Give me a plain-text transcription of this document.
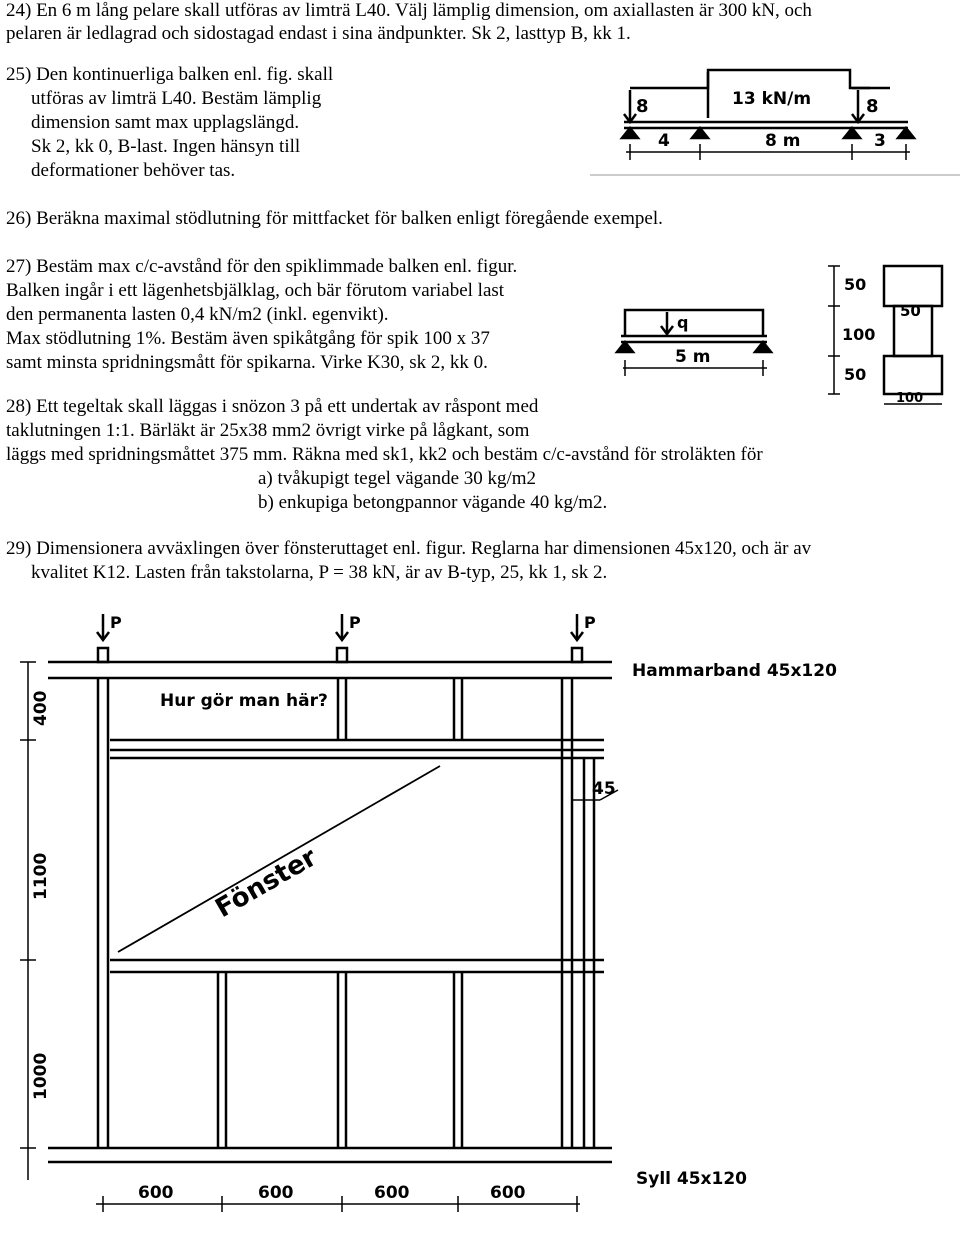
24) En 6 m lång pelare skall utföras av limträ L40. Välj lämplig dimension, om axiallasten är 300 kN, och
pelaren är ledlagrad och sidostagad endast i sina ändpunkter. Sk 2, lasttyp B, kk 1.
25) Den kontinuerliga balken enl. fig. skall
utföras av limträ L40. Bestäm lämplig
dimension samt max upplagslängd.
Sk 2, kk 0, B-last. Ingen hänsyn till
deformationer behöver tas.
8	13 kN/m	8
4	8 m	3
26) Beräkna maximal stödlutning för mittfacket för balken enligt föregående exempel.
27) Bestäm max c/c-avstånd för den spiklimmade balken enl. figur.
Balken ingår i ett lägenhetsbjälklag, och bär förutom variabel last
den permanenta lasten 0,4 kN/m2 (inkl. egenvikt).
Max stödlutning 1%. Bestäm även spikåtgång för spik 100 x 37
samt minsta spridningsmått för spikarna. Virke K30, sk 2, kk 0.
q
5 m
50
50
100
50
100
28) Ett tegeltak skall läggas i snözon 3 på ett undertak av råspont med
taklutningen 1:1. Bärläkt är 25x38 mm2 övrigt virke på lågkant, som
läggs med spridningsmåttet 375 mm. Räkna med sk1, kk2 och bestäm c/c-avstånd för stroläkten för
a) tvåkupigt tegel vägande 30 kg/m2
b) enkupiga betongpannor vägande 40 kg/m2.
29) Dimensionera avväxlingen över fönsteruttaget enl. figur. Reglarna har dimensionen 45x120, och är av
kvalitet K12. Lasten från takstolarna, P = 38 kN, är av B-typ, 25, kk 1, sk 2.
P	P	P
Hur gör man här?
Hammarband 45x120
Syll 45x120
45
Fönster
400
1100
1000
600	600	600	600
